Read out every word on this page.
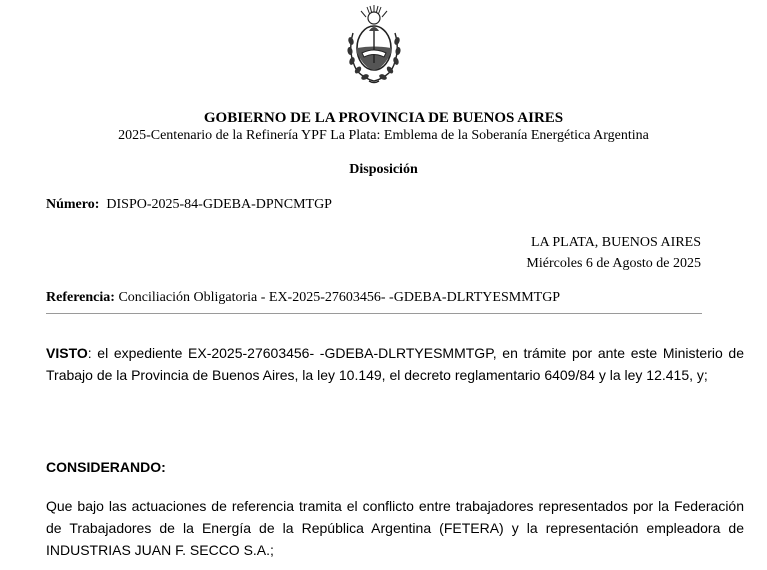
GOBIERNO DE LA PROVINCIA DE BUENOS AIRES
2025-Centenario de la Refinería YPF La Plata: Emblema de la Soberanía Energética Argentina
Disposición
Número: DISPO-2025-84-GDEBA-DPNCMTGP
LA PLATA, BUENOS AIRES
Miércoles 6 de Agosto de 2025
Referencia: Conciliación Obligatoria - EX-2025-27603456- -GDEBA-DLRTYESMMTGP
VISTO: el expediente EX-2025-27603456- -GDEBA-DLRTYESMMTGP, en trámite por ante este Ministerio de Trabajo de la Provincia de Buenos Aires, la ley 10.149, el decreto reglamentario 6409/84 y la ley 12.415, y;
CONSIDERANDO:
Que bajo las actuaciones de referencia tramita el conflicto entre trabajadores representados por la Federación de Trabajadores de la Energía de la República Argentina (FETERA) y la representación empleadora de INDUSTRIAS JUAN F. SECCO S.A.;
